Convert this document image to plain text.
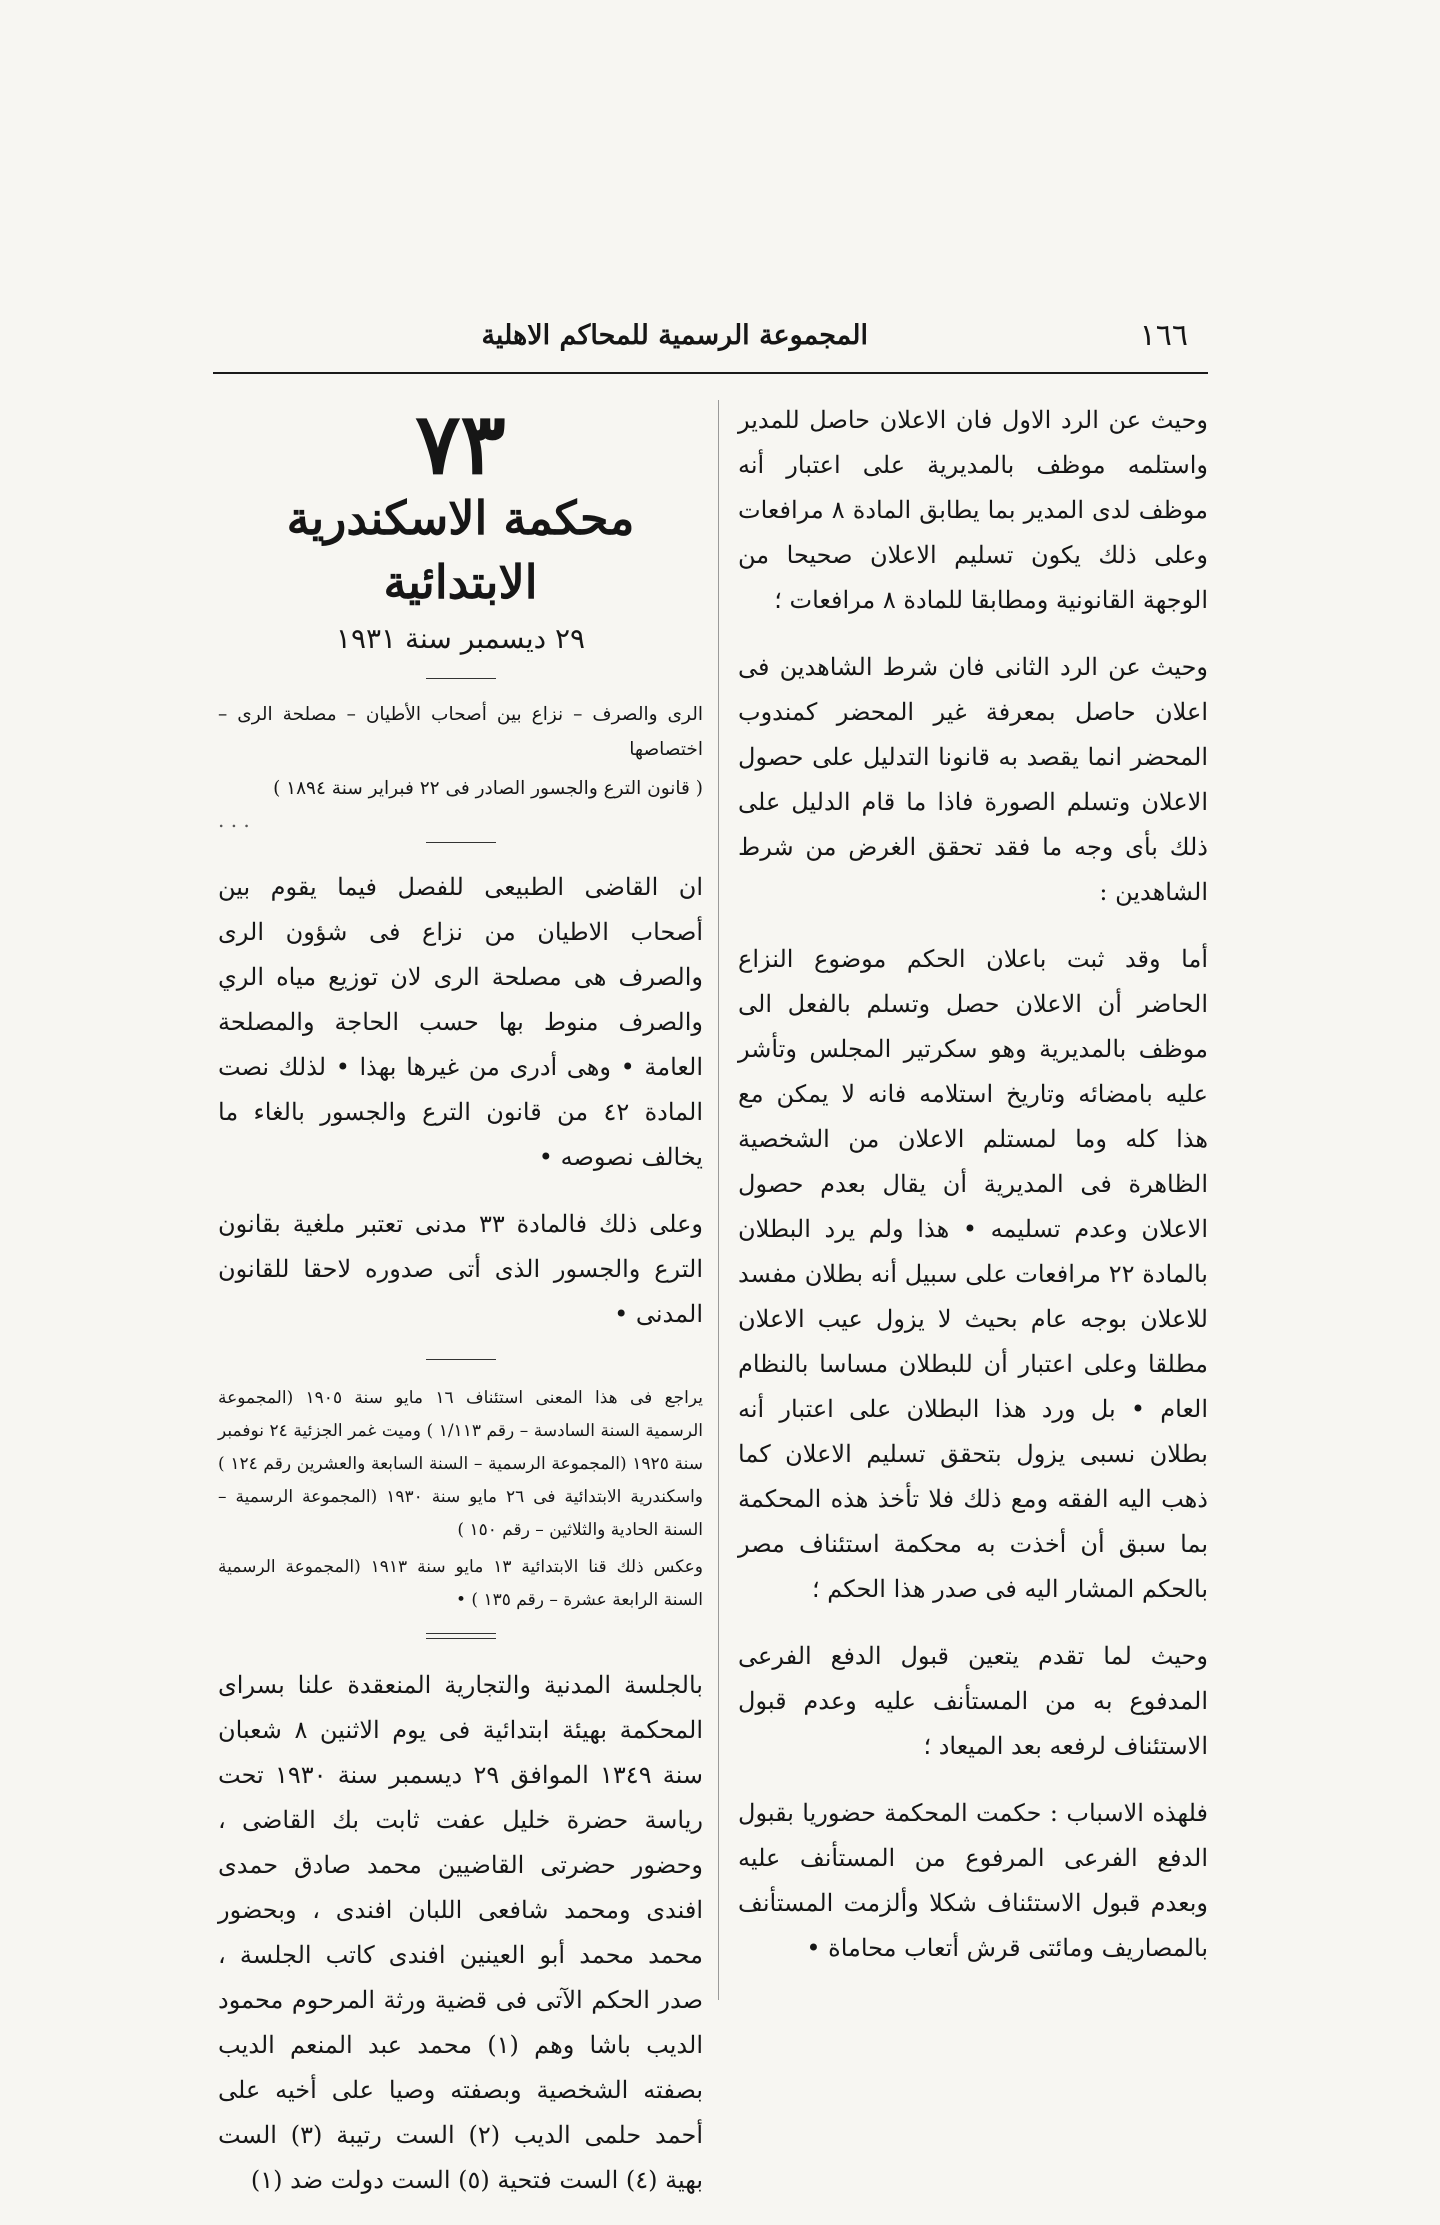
١٦٦
المجموعة الرسمية للمحاكم الاهلية

وحيث عن الرد الاول فان الاعلان حاصل للمدير واستلمه موظف بالمديرية على اعتبار أنه موظف لدى المدير بما يطابق المادة ٨ مرافعات وعلى ذلك يكون تسليم الاعلان صحيحا من الوجهة القانونية ومطابقا للمادة ٨ مرافعات ؛

وحيث عن الرد الثانى فان شرط الشاهدين فى اعلان حاصل بمعرفة غير المحضر كمندوب المحضر انما يقصد به قانونا التدليل على حصول الاعلان وتسلم الصورة فاذا ما قام الدليل على ذلك بأى وجه ما فقد تحقق الغرض من شرط الشاهدين :

أما وقد ثبت باعلان الحكم موضوع النزاع الحاضر أن الاعلان حصل وتسلم بالفعل الى موظف بالمديرية وهو سكرتير المجلس وتأشر عليه بامضائه وتاريخ استلامه فانه لا يمكن مع هذا كله وما لمستلم الاعلان من الشخصية الظاهرة فى المديرية أن يقال بعدم حصول الاعلان وعدم تسليمه • هذا ولم يرد البطلان بالمادة ٢٢ مرافعات على سبيل أنه بطلان مفسد للاعلان بوجه عام بحيث لا يزول عيب الاعلان مطلقا وعلى اعتبار أن للبطلان مساسا بالنظام العام • بل ورد هذا البطلان على اعتبار أنه بطلان نسبى يزول بتحقق تسليم الاعلان كما ذهب اليه الفقه ومع ذلك فلا تأخذ هذه المحكمة بما سبق أن أخذت به محكمة استئناف مصر بالحكم المشار اليه فى صدر هذا الحكم ؛

وحيث لما تقدم يتعين قبول الدفع الفرعى المدفوع به من المستأنف عليه وعدم قبول الاستئناف لرفعه بعد الميعاد ؛

فلهذه الاسباب : حكمت المحكمة حضوريا بقبول الدفع الفرعى المرفوع من المستأنف عليه وبعدم قبول الاستئناف شكلا وألزمت المستأنف بالمصاريف ومائتى قرش أتعاب محاماة •

٧٣
محكمة الاسكندرية الابتدائية
٢٩ ديسمبر سنة ١٩٣١

الرى والصرف – نزاع بين أصحاب الأطيان – مصلحة الرى – اختصاصها

( قانون الترع والجسور الصادر فى ٢٢ فبراير سنة ١٨٩٤ )

. . .

ان القاضى الطبيعى للفصل فيما يقوم بين أصحاب الاطيان من نزاع فى شؤون الرى والصرف هى مصلحة الرى لان توزيع مياه الري والصرف منوط بها حسب الحاجة والمصلحة العامة • وهى أدرى من غيرها بهذا • لذلك نصت المادة ٤٢ من قانون الترع والجسور بالغاء ما يخالف نصوصه •

وعلى ذلك فالمادة ٣٣ مدنى تعتبر ملغية بقانون الترع والجسور الذى أتى صدوره لاحقا للقانون المدنى •

يراجع فى هذا المعنى استئناف ١٦ مايو سنة ١٩٠٥ (المجموعة الرسمية السنة السادسة – رقم ١/١١٣ ) وميت غمر الجزئية ٢٤ نوفمبر سنة ١٩٢٥ (المجموعة الرسمية – السنة السابعة والعشرين رقم ١٢٤ ) واسكندرية الابتدائية فى ٢٦ مايو سنة ١٩٣٠ (المجموعة الرسمية – السنة الحادية والثلاثين – رقم ١٥٠ )

وعكس ذلك قنا الابتدائية ١٣ مايو سنة ١٩١٣ (المجموعة الرسمية السنة الرابعة عشرة – رقم ١٣٥ ) •

بالجلسة المدنية والتجارية المنعقدة علنا بسراى المحكمة بهيئة ابتدائية فى يوم الاثنين ٨ شعبان سنة ١٣٤٩ الموافق ٢٩ ديسمبر سنة ١٩٣٠ تحت رياسة حضرة خليل عفت ثابت بك القاضى ، وحضور حضرتى القاضيين محمد صادق حمدى افندى ومحمد شافعى اللبان افندى ، وبحضور محمد محمد أبو العينين افندى كاتب الجلسة ، صدر الحكم الآتى فى قضية ورثة المرحوم محمود الديب باشا وهم (١) محمد عبد المنعم الديب بصفته الشخصية وبصفته وصيا على أخيه على أحمد حلمى الديب (٢) الست رتيبة (٣) الست بهية (٤) الست فتحية (٥) الست دولت ضد (١)
